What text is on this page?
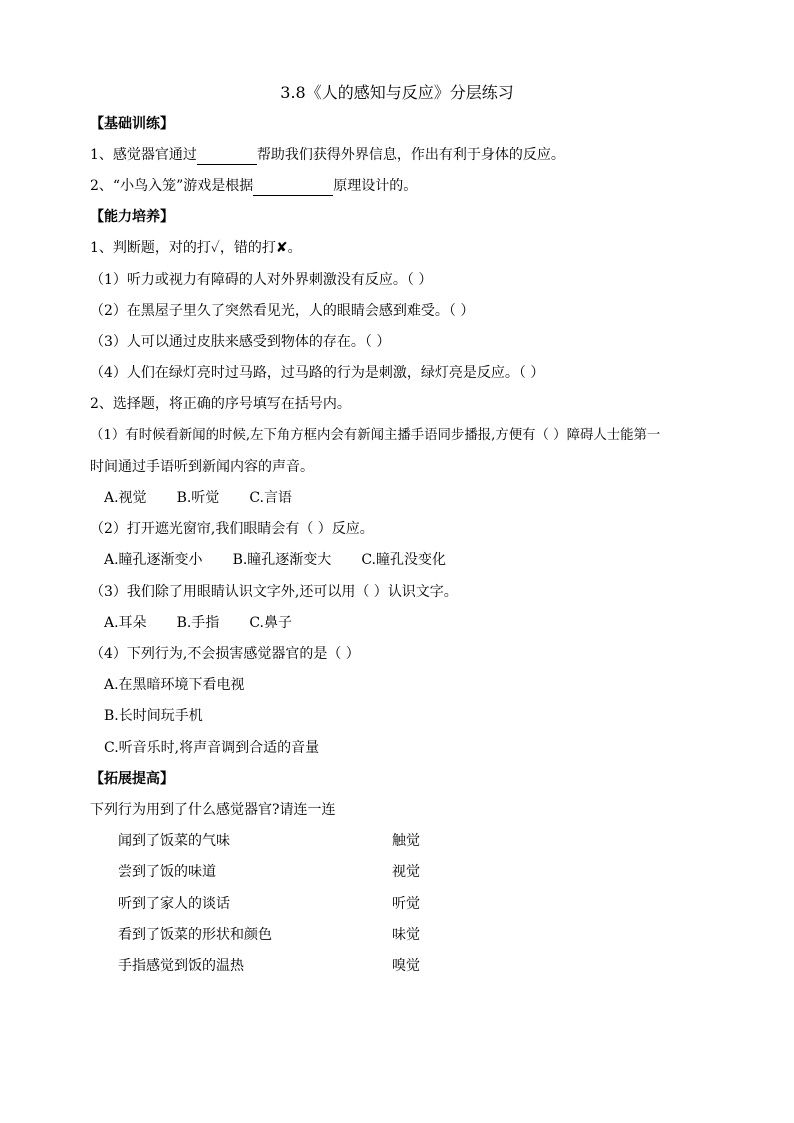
3.8《人的感知与反应》分层练习
【基础训练】
1、感觉器官通过	帮助我们获得外界信息，作出有利于身体的反应。
2、“小鸟入笼”游戏是根据	原理设计的。
【能力培养】
1、判断题，对的打✓，错的打✘。
（1）听力或视力有障碍的人对外界刺激没有反应。（ ）
（2）在黑屋子里久了突然看见光，人的眼睛会感到难受。（ ）
（3）人可以通过皮肤来感受到物体的存在。（ ）
（4）人们在绿灯亮时过马路，过马路的行为是刺激，绿灯亮是反应。（ ）
2、选择题，将正确的序号填写在括号内。
（1）有时候看新闻的时候,左下角方框内会有新闻主播手语同步播报,方便有（ ）障碍人士能第一
时间通过手语听到新闻内容的声音。
A.视觉 B.听觉 C.言语
（2）打开遮光窗帘,我们眼睛会有（ ）反应。
A.瞳孔逐渐变小 B.瞳孔逐渐变大 C.瞳孔没变化
（3）我们除了用眼睛认识文字外,还可以用（ ）认识文字。
A.耳朵 B.手指 C.鼻子
（4）下列行为,不会损害感觉器官的是（ ）
A.在黑暗环境下看电视
B.长时间玩手机
C.听音乐时,将声音调到合适的音量
【拓展提高】
下列行为用到了什么感觉器官?请连一连
闻到了饭菜的气味	触觉
尝到了饭的味道	视觉
听到了家人的谈话	听觉
看到了饭菜的形状和颜色	味觉
手指感觉到饭的温热	嗅觉
